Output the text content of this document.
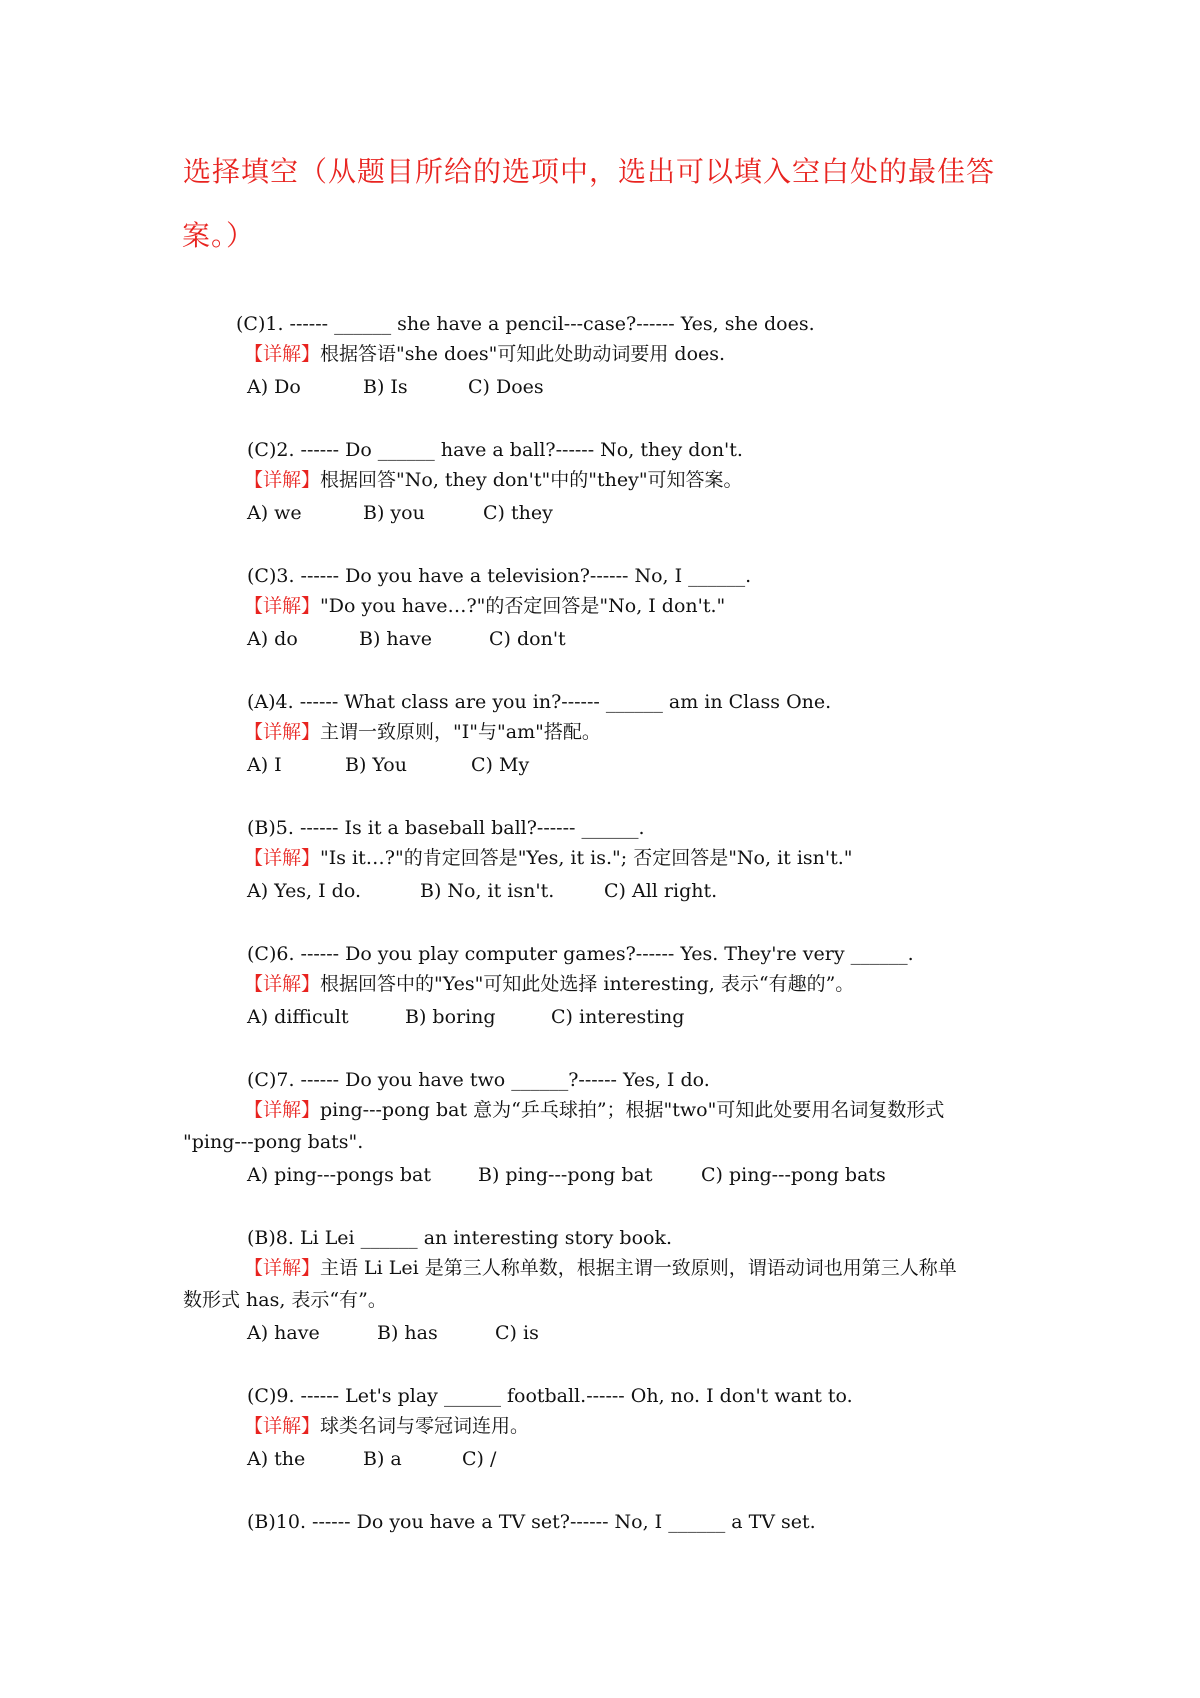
选择填空（从题目所给的选项中，选出可以填入空白处的最佳答
案。）
(C)1. ------ ______ she have a pencil---case?------ Yes, she does.
【详解】根据答语"she does"可知此处助动词要用 does.
A) Do	B) Is	C) Does
(C)2. ------ Do ______ have a ball?------ No, they don't.
【详解】根据回答"No, they don't"中的"they"可知答案。
A) we	B) you	C) they
(C)3. ------ Do you have a television?------ No, I ______.
【详解】"Do you have…?"的否定回答是"No, I don't."
A) do	B) have	C) don't
(A)4. ------ What class are you in?------ ______ am in Class One.
【详解】主谓一致原则，"I"与"am"搭配。
A) I	B) You	C) My
(B)5. ------ Is it a baseball ball?------ ______.
【详解】"Is it…?"的肯定回答是"Yes, it is."; 否定回答是"No, it isn't."
A) Yes, I do.	B) No, it isn't.	C) All right.
(C)6. ------ Do you play computer games?------ Yes. They're very ______.
【详解】根据回答中的"Yes"可知此处选择 interesting, 表示“有趣的”。
A) difficult	B) boring	C) interesting
(C)7. ------ Do you have two ______?------ Yes, I do.
【详解】ping---pong bat 意为“乒乓球拍”；根据"two"可知此处要用名词复数形式
"ping---pong bats".
A) ping---pongs bat B) ping---pong bat	C) ping---pong bats
(B)8. Li Lei ______ an interesting story book.
【详解】主语 Li Lei 是第三人称单数，根据主谓一致原则，谓语动词也用第三人称单
数形式 has, 表示“有”。
A) have	B) has	C) is
(C)9. ------ Let's play ______ football.------ Oh, no. I don't want to.
【详解】球类名词与零冠词连用。
A) the	B) a	C) /
(B)10. ------ Do you have a TV set?------ No, I ______ a TV set.
